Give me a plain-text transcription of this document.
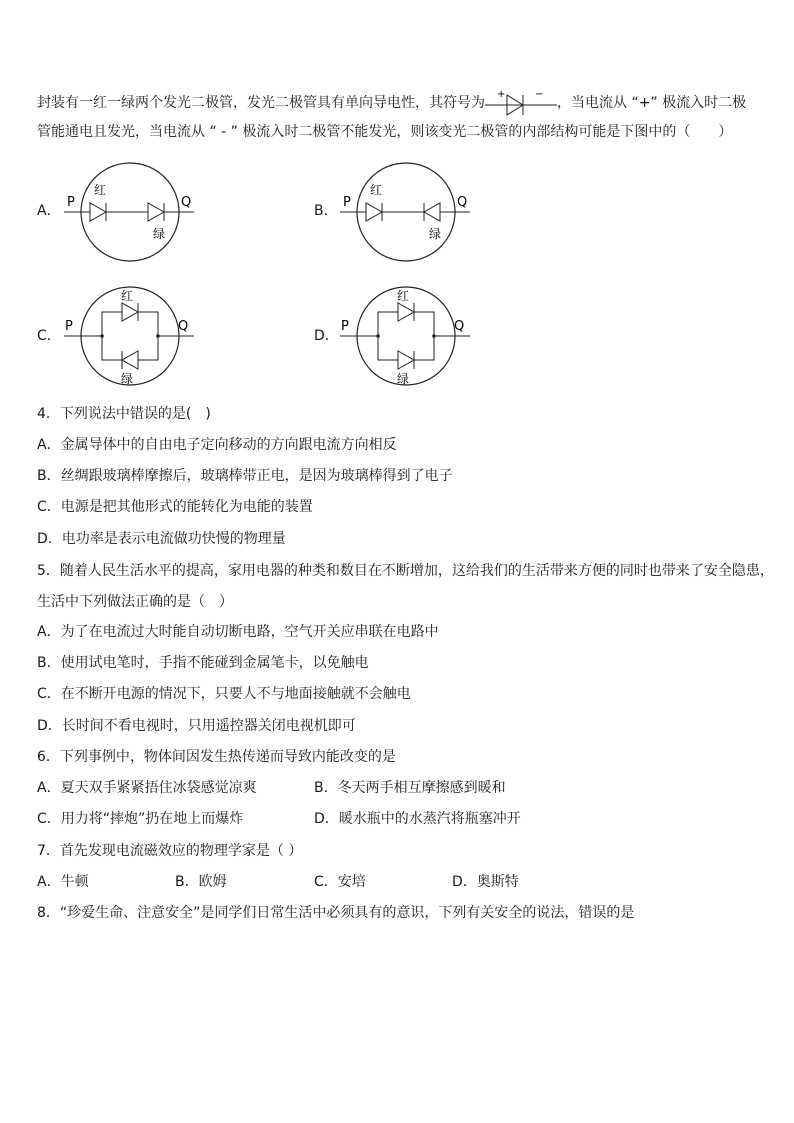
封装有一红一绿两个发光二极管，发光二极管具有单向导电性，其符号为
+	−
，当电流从 “+” 极流入时二极
管能通电且发光，当电流从 “ - ” 极流入时二极管不能发光，则该变光二极管的内部结构可能是下图中的（　　）
A．
P	Q
红
绿
B．
P	Q
红
绿
C．
P	Q
红
绿
D．
P	Q
红
绿
4．下列说法中错误的是(　)
A．金属导体中的自由电子定向移动的方向跟电流方向相反
B．丝绸跟玻璃棒摩擦后，玻璃棒带正电，是因为玻璃棒得到了电子
C．电源是把其他形式的能转化为电能的装置
D．电功率是表示电流做功快慢的物理量
5．随着人民生活水平的提高，家用电器的种类和数目在不断增加，这给我们的生活带来方便的同时也带来了安全隐患，
生活中下列做法正确的是（　）
A．为了在电流过大时能自动切断电路，空气开关应串联在电路中
B．使用试电笔时，手指不能碰到金属笔卡，以免触电
C．在不断开电源的情况下，只要人不与地面接触就不会触电
D．长时间不看电视时，只用遥控器关闭电视机即可
6．下列事例中，物体间因发生热传递而导致内能改变的是
A．夏天双手紧紧捂住冰袋感觉凉爽	B．冬天两手相互摩擦感到暖和
C．用力将“摔炮”扔在地上而爆炸	D．暖水瓶中的水蒸汽将瓶塞冲开
7．首先发现电流磁效应的物理学家是（ ）
A．牛顿	B．欧姆	C．安培	D．奥斯特
8．“珍爱生命、注意安全”是同学们日常生活中必须具有的意识，下列有关安全的说法，错误的是
